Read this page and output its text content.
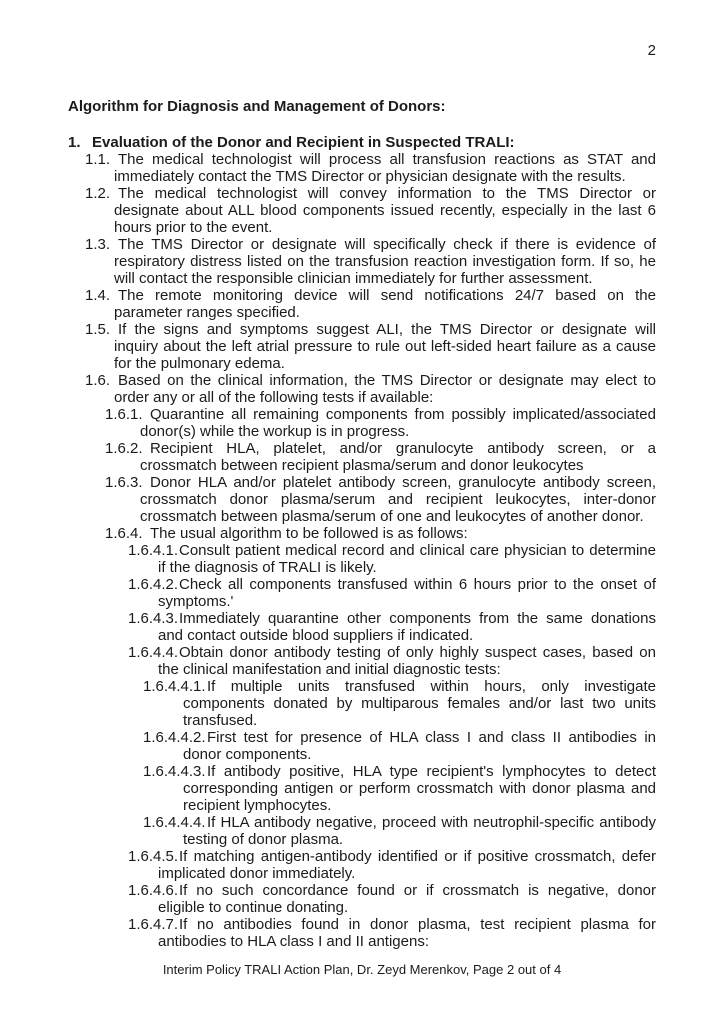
2
Algorithm for Diagnosis and Management of Donors:
1. Evaluation of the Donor and Recipient in Suspected TRALI:
1.1. The medical technologist will process all transfusion reactions as STAT and immediately contact the TMS Director or physician designate with the results.
1.2. The medical technologist will convey information to the TMS Director or designate about ALL blood components issued recently, especially in the last 6 hours prior to the event.
1.3. The TMS Director or designate will specifically check if there is evidence of respiratory distress listed on the transfusion reaction investigation form. If so, he will contact the responsible clinician immediately for further assessment.
1.4. The remote monitoring device will send notifications 24/7 based on the parameter ranges specified.
1.5. If the signs and symptoms suggest ALI, the TMS Director or designate will inquiry about the left atrial pressure to rule out left-sided heart failure as a cause for the pulmonary edema.
1.6. Based on the clinical information, the TMS Director or designate may elect to order any or all of the following tests if available:
1.6.1. Quarantine all remaining components from possibly implicated/associated donor(s) while the workup is in progress.
1.6.2. Recipient HLA, platelet, and/or granulocyte antibody screen, or a crossmatch between recipient plasma/serum and donor leukocytes
1.6.3. Donor HLA and/or platelet antibody screen, granulocyte antibody screen, crossmatch donor plasma/serum and recipient leukocytes, inter-donor crossmatch between plasma/serum of one and leukocytes of another donor.
1.6.4. The usual algorithm to be followed is as follows:
1.6.4.1.Consult patient medical record and clinical care physician to determine if the diagnosis of TRALI is likely.
1.6.4.2.Check all components transfused within 6 hours prior to the onset of symptoms.'
1.6.4.3.Immediately quarantine other components from the same donations and contact outside blood suppliers if indicated.
1.6.4.4.Obtain donor antibody testing of only highly suspect cases, based on the clinical manifestation and initial diagnostic tests:
1.6.4.4.1.If multiple units transfused within hours, only investigate components donated by multiparous females and/or last two units transfused.
1.6.4.4.2.First test for presence of HLA class I and class II antibodies in donor components.
1.6.4.4.3.If antibody positive, HLA type recipient's lymphocytes to detect corresponding antigen or perform crossmatch with donor plasma and recipient lymphocytes.
1.6.4.4.4.If HLA antibody negative, proceed with neutrophil-specific antibody testing of donor plasma.
1.6.4.5.If matching antigen-antibody identified or if positive crossmatch, defer implicated donor immediately.
1.6.4.6.If no such concordance found or if crossmatch is negative, donor eligible to continue donating.
1.6.4.7.If no antibodies found in donor plasma, test recipient plasma for antibodies to HLA class I and II antigens:
Interim Policy TRALI Action Plan, Dr. Zeyd Merenkov, Page 2 out of 4
